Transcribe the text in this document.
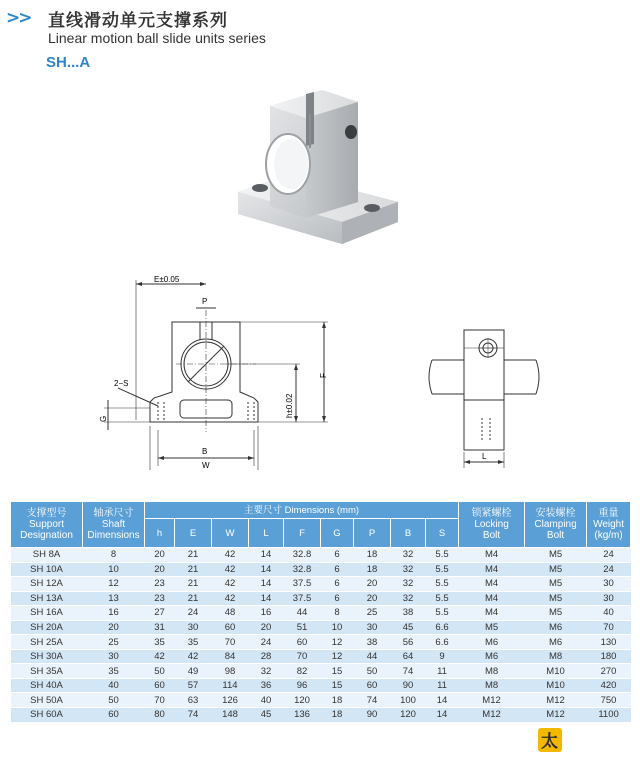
>> 直线滑动单元支撑系列
Linear motion ball slide units series
SH...A
E±0.05
P
2−S
G
h±0.02
F
B
W
L
支撑型号
Support
Designation	轴承尺寸
Shaft
Dimensions	主要尺寸 Dimensions (mm)									锁紧螺栓
Locking
Bolt	安装螺栓
Clamping
Bolt	重量
Weight
(kg/m)
		h	E	W	L	F	G	P	B	S			
SH 8A	8	20	21	42	14	32.8	6	18	32	5.5	M4	M5	24
SH 10A	10	20	21	42	14	32.8	6	18	32	5.5	M4	M5	24
SH 12A	12	23	21	42	14	37.5	6	20	32	5.5	M4	M5	30
SH 13A	13	23	21	42	14	37.5	6	20	32	5.5	M4	M5	30
SH 16A	16	27	24	48	16	44	8	25	38	5.5	M4	M5	40
SH 20A	20	31	30	60	20	51	10	30	45	6.6	M5	M6	70
SH 25A	25	35	35	70	24	60	12	38	56	6.6	M6	M6	130
SH 30A	30	42	42	84	28	70	12	44	64	9	M6	M8	180
SH 35A	35	50	49	98	32	82	15	50	74	11	M8	M10	270
SH 40A	40	60	57	114	36	96	15	60	90	11	M8	M10	420
SH 50A	50	70	63	126	40	120	18	74	100	14	M12	M12	750
SH 60A	60	80	74	148	45	136	18	90	120	14	M12	M12	1100
太 工爱好者
